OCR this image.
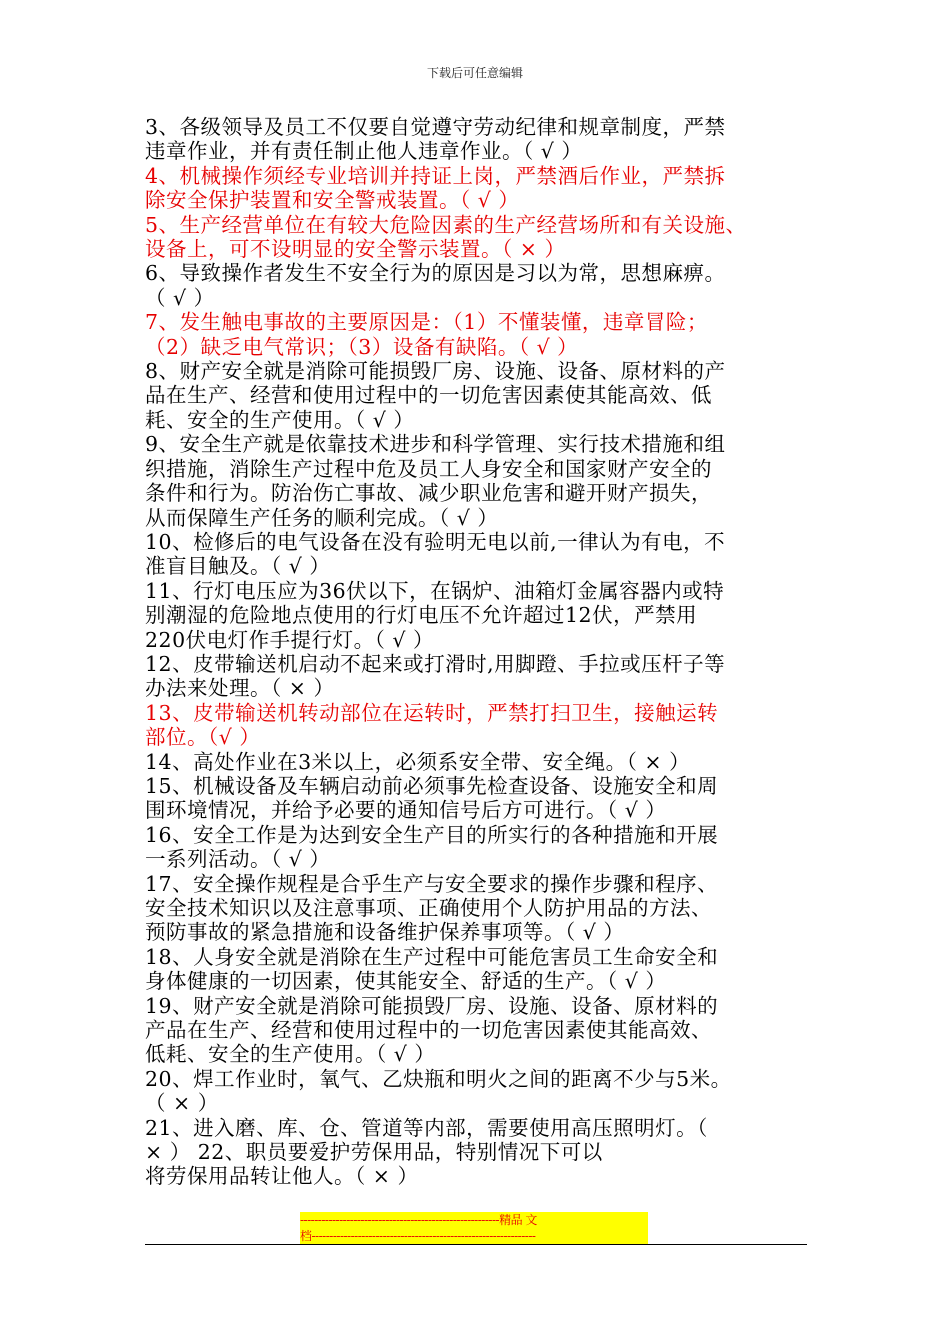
下载后可任意编辑
3、各级领导及员工不仅要自觉遵守劳动纪律和规章制度，严禁
违章作业，并有责任制止他人违章作业。（ √ ）
4、机械操作须经专业培训并持证上岗，严禁酒后作业，严禁拆
除安全保护装置和安全警戒装置。（ √ ）
5、生产经营单位在有较大危险因素的生产经营场所和有关设施、
设备上，可不设明显的安全警示装置。（ × ）
6、导致操作者发生不安全行为的原因是习以为常，思想麻痹。
（ √ ）
7、发生触电事故的主要原因是：（1）不懂装懂，违章冒险；
（2）缺乏电气常识；（3）设备有缺陷。（ √ ）
8、财产安全就是消除可能损毁厂房、设施、设备、原材料的产
品在生产、经营和使用过程中的一切危害因素使其能高效、低
耗、安全的生产使用。（ √ ）
9、安全生产就是依靠技术进步和科学管理、实行技术措施和组
织措施，消除生产过程中危及员工人身安全和国家财产安全的
条件和行为。防治伤亡事故、减少职业危害和避开财产损失，
从而保障生产任务的顺利完成。（ √ ）
10、检修后的电气设备在没有验明无电以前,一律认为有电，不
准盲目触及。（ √ ）
11、行灯电压应为36伏以下，在锅炉、油箱灯金属容器内或特
别潮湿的危险地点使用的行灯电压不允许超过12伏，严禁用
220伏电灯作手提行灯。（ √ ）
12、皮带输送机启动不起来或打滑时,用脚蹬、手拉或压杆子等
办法来处理。（ × ）
13、皮带输送机转动部位在运转时，严禁打扫卫生，接触运转
部位。（√ ）
14、高处作业在3米以上，必须系安全带、安全绳。（ × ）
15、机械设备及车辆启动前必须事先检查设备、设施安全和周
围环境情况，并给予必要的通知信号后方可进行。（ √ ）
16、安全工作是为达到安全生产目的所实行的各种措施和开展
一系列活动。（ √ ）
17、安全操作规程是合乎生产与安全要求的操作步骤和程序、
安全技术知识以及注意事项、正确使用个人防护用品的方法、
预防事故的紧急措施和设备维护保养事项等。（ √ ）
18、人身安全就是消除在生产过程中可能危害员工生命安全和
身体健康的一切因素，使其能安全、舒适的生产。（ √ ）
19、财产安全就是消除可能损毁厂房、设施、设备、原材料的
产品在生产、经营和使用过程中的一切危害因素使其能高效、
低耗、安全的生产使用。（ √ ）
20、焊工作业时，氧气、乙炔瓶和明火之间的距离不少与5米。
（ × ）
21、进入磨、库、仓、管道等内部，需要使用高压照明灯。（
× ） 22、职员要爱护劳保用品，特别情况下可以
将劳保用品转让他人。（ × ）
--------------------------------------------------------精品 文
档---------------------------------------------------------------
